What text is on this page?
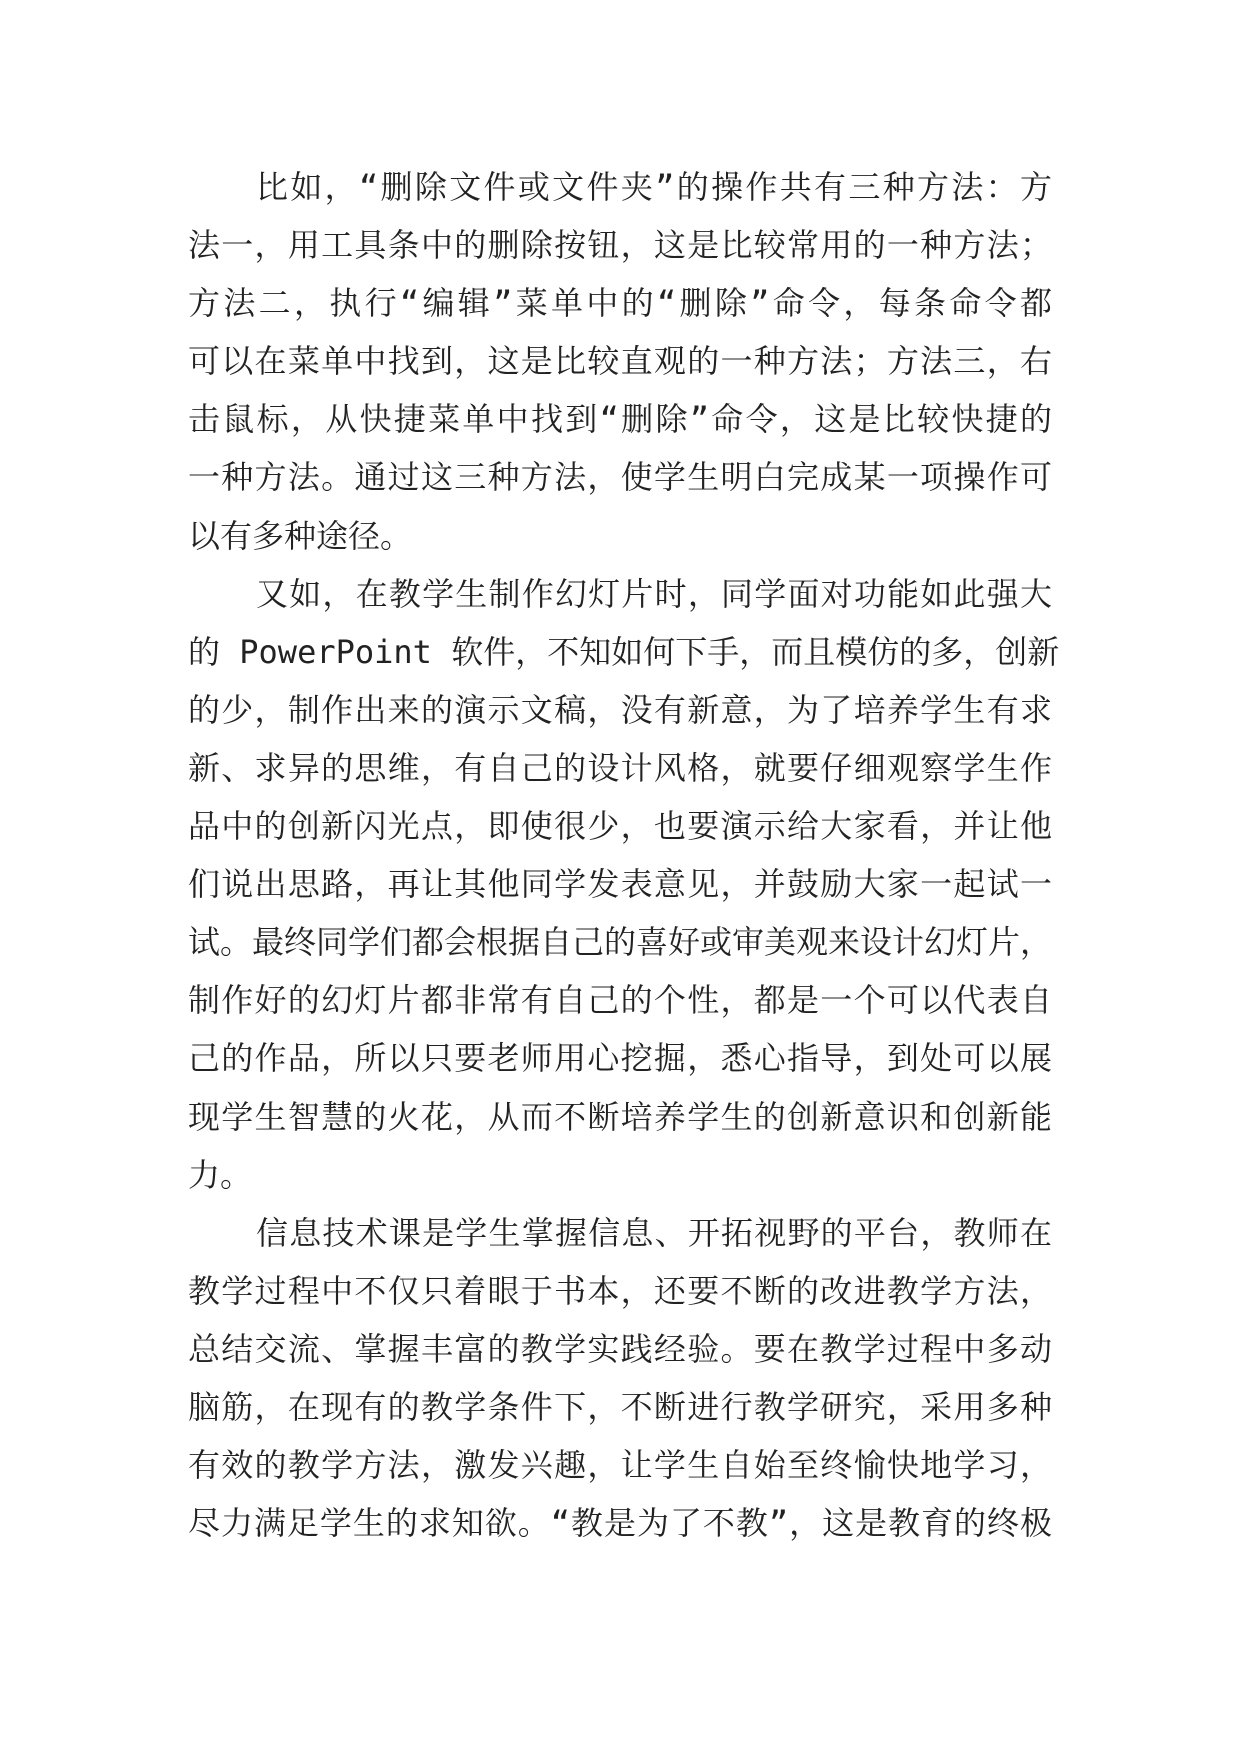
比如，“删除文件或文件夹”的操作共有三种方法：方
法一，用工具条中的删除按钮，这是比较常用的一种方法；
方法二，执行“编辑”菜单中的“删除”命令，每条命令都
可以在菜单中找到，这是比较直观的一种方法；方法三，右
击鼠标，从快捷菜单中找到“删除”命令，这是比较快捷的
一种方法。通过这三种方法，使学生明白完成某一项操作可
以有多种途径。
又如，在教学生制作幻灯片时，同学面对功能如此强大
的 PowerPoint 软件，不知如何下手，而且模仿的多，创新
的少，制作出来的演示文稿，没有新意，为了培养学生有求
新、求异的思维，有自己的设计风格，就要仔细观察学生作
品中的创新闪光点，即使很少，也要演示给大家看，并让他
们说出思路，再让其他同学发表意见，并鼓励大家一起试一
试。最终同学们都会根据自己的喜好或审美观来设计幻灯片，
制作好的幻灯片都非常有自己的个性，都是一个可以代表自
己的作品，所以只要老师用心挖掘，悉心指导，到处可以展
现学生智慧的火花，从而不断培养学生的创新意识和创新能
力。
信息技术课是学生掌握信息、开拓视野的平台，教师在
教学过程中不仅只着眼于书本，还要不断的改进教学方法，
总结交流、掌握丰富的教学实践经验。要在教学过程中多动
脑筋，在现有的教学条件下，不断进行教学研究，采用多种
有效的教学方法，激发兴趣，让学生自始至终愉快地学习，
尽力满足学生的求知欲。“教是为了不教”，这是教育的终极
